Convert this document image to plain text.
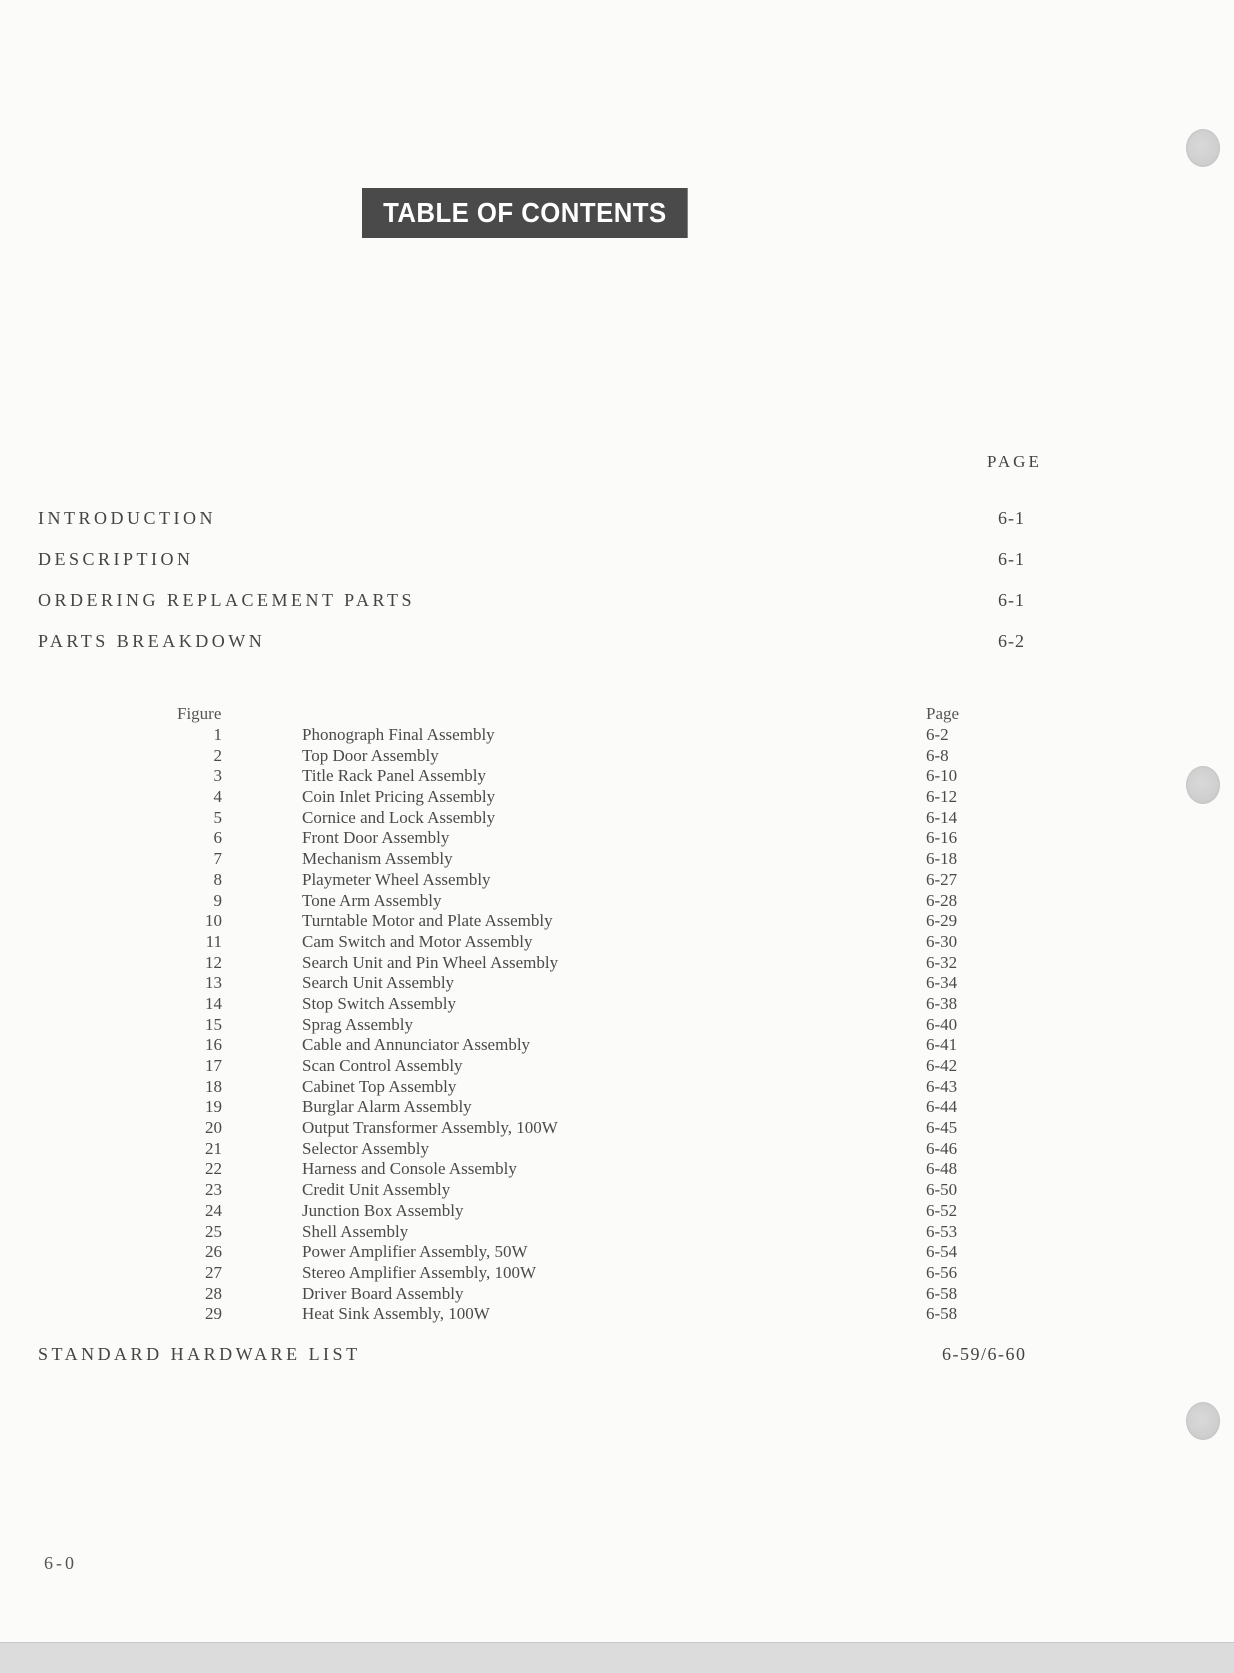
TABLE OF CONTENTS
PAGE
INTRODUCTION	6-1
DESCRIPTION	6-1
ORDERING REPLACEMENT PARTS	6-1
PARTS BREAKDOWN	6-2
Figure	Page
1	Phonograph Final Assembly	6-2
2	Top Door Assembly	6-8
3	Title Rack Panel Assembly	6-10
4	Coin Inlet Pricing Assembly	6-12
5	Cornice and Lock Assembly	6-14
6	Front Door Assembly	6-16
7	Mechanism Assembly	6-18
8	Playmeter Wheel Assembly	6-27
9	Tone Arm Assembly	6-28
10	Turntable Motor and Plate Assembly	6-29
11	Cam Switch and Motor Assembly	6-30
12	Search Unit and Pin Wheel Assembly	6-32
13	Search Unit Assembly	6-34
14	Stop Switch Assembly	6-38
15	Sprag Assembly	6-40
16	Cable and Annunciator Assembly	6-41
17	Scan Control Assembly	6-42
18	Cabinet Top Assembly	6-43
19	Burglar Alarm Assembly	6-44
20	Output Transformer Assembly, 100W	6-45
21	Selector Assembly	6-46
22	Harness and Console Assembly	6-48
23	Credit Unit Assembly	6-50
24	Junction Box Assembly	6-52
25	Shell Assembly	6-53
26	Power Amplifier Assembly, 50W	6-54
27	Stereo Amplifier Assembly, 100W	6-56
28	Driver Board Assembly	6-58
29	Heat Sink Assembly, 100W	6-58
STANDARD HARDWARE LIST	6-59/6-60
6-0
